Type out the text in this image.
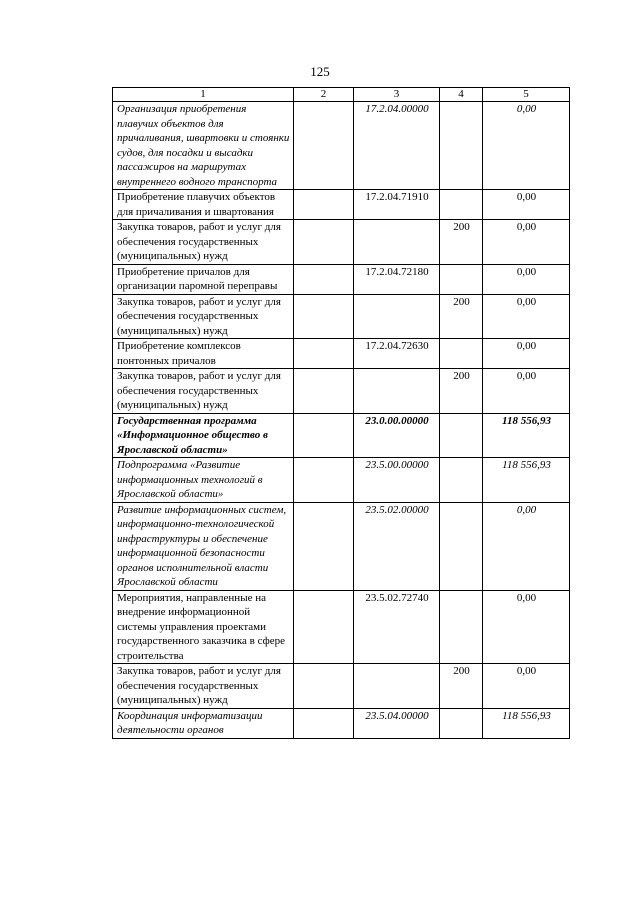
125
1	2	3	4	5
Организация приобретения плавучих объектов для причаливания, швартовки и стоянки судов, для посадки и высадки пассажиров на маршрутах внутреннего водного транспорта		17.2.04.00000		0,00
Приобретение плавучих объектов для причаливания и швартования		17.2.04.71910		0,00
Закупка товаров, работ и услуг для обеспечения государственных (муниципальных) нужд			200	0,00
Приобретение причалов для организации паромной переправы		17.2.04.72180		0,00
Закупка товаров, работ и услуг для обеспечения государственных (муниципальных) нужд			200	0,00
Приобретение комплексов понтонных причалов		17.2.04.72630		0,00
Закупка товаров, работ и услуг для обеспечения государственных (муниципальных) нужд			200	0,00
Государственная программа «Информационное общество в Ярославской области»		23.0.00.00000		118 556,93
Подпрограмма «Развитие информационных технологий в Ярославской области»		23.5.00.00000		118 556,93
Развитие информационных систем, информационно-технологической инфраструктуры и обеспечение информационной безопасности органов исполнительной власти Ярославской области		23.5.02.00000		0,00
Мероприятия, направленные на внедрение информационной системы управления проектами государственного заказчика в сфере строительства		23.5.02.72740		0,00
Закупка товаров, работ и услуг для обеспечения государственных (муниципальных) нужд			200	0,00
Координация информатизации деятельности органов		23.5.04.00000		118 556,93
